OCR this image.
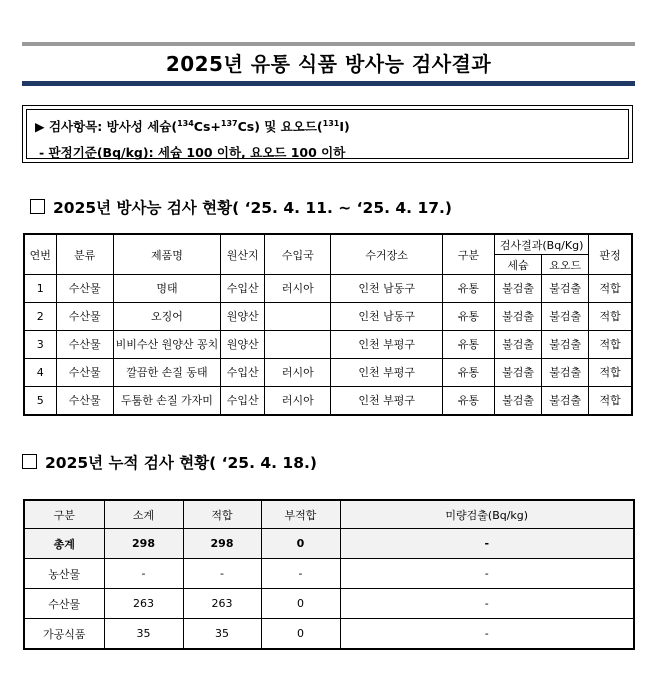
2025년 유통 식품 방사능 검사결과
▶ 검사항목: 방사성 세슘($^{134}$Cs+$^{137}$Cs) 및 요오드($^{131}$I)
- 판정기준(Bq/kg): 세슘 100 이하, 요오드 100 이하
2025년 방사능 검사 현황( ‘25. 4. 11. ~ ‘25. 4. 17.)
연번	분류	제품명	원산지	수입국	수거장소	구분	검사결과(Bq/Kg)		판정
							세슘	요오드	
1	수산물	명태	수입산	러시아	인천 남동구	유통	불검출	불검출	적합
2	수산물	오징어	원양산		인천 남동구	유통	불검출	불검출	적합
3	수산물	비비수산 원양산 꽁치	원양산		인천 부평구	유통	불검출	불검출	적합
4	수산물	깔끔한 손질 동태	수입산	러시아	인천 부평구	유통	불검출	불검출	적합
5	수산물	두툼한 손질 가자미	수입산	러시아	인천 부평구	유통	불검출	불검출	적합
2025년 누적 검사 현황( ‘25. 4. 18.)
구분	소계	적합	부적합	미량검출(Bq/kg)
총계	298	298	0	-
농산물	-	-	-	-
수산물	263	263	0	-
가공식품	35	35	0	-
